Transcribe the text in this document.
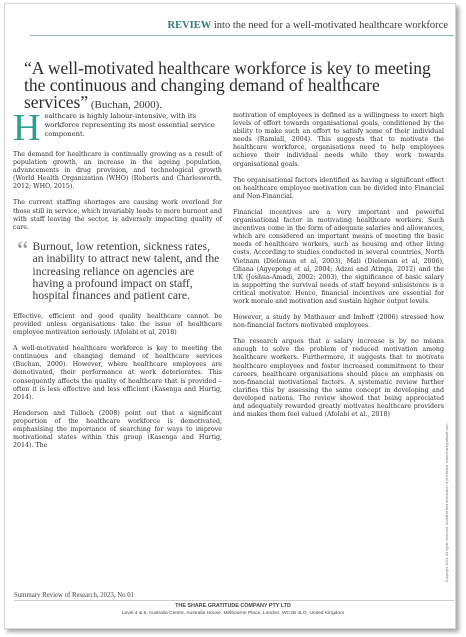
REVIEW into the need for a well-motivated healthcare workforce
“A well-motivated healthcare workforce is key to meeting the continuous and changing demand of healthcare services” (Buchan, 2000).
H ealthcare is highly labour-intensive, with its workforce representing its most essential service component.

The demand for healthcare is continually growing as a result of population growth, an increase in the ageing population, advancements in drug provision, and technological growth (World Health Organization (WHO) (Roberts and Charlesworth, 2012; WHO, 2015).

The current staffing shortages are causing work overload for those still in service, which invariably leads to more burnout and with staff leaving the sector, is adversely impacting quality of care.

“ Burnout, low retention, sickness rates, an inability to attract new talent, and the increasing reliance on agencies are having a profound impact on staff, hospital finances and patient care.

Effective, efficient and good quality healthcare cannot be provided unless organisations take the issue of healthcare employee motivation seriously. (Afolabi et al, 2018)

A well-motivated healthcare workforce is key to meeting the continuous and changing demand of healthcare services (Buchan, 2000). However, where healthcare employees are demotivated, their performance at work deteriorates. This consequently affects the quality of healthcare that is provided – often it is less effective and less efficient (Kasenga and Hurtig, 2014).

Henderson and Tulloch (2008) point out that a significant proportion of the healthcare workforce is demotivated, emphasising the importance of searching for ways to improve motivational states within this group (Kasenga and Hurtig, 2014). The

motivation of employees is defined as a willingness to exert high levels of effort towards organisational goals, conditioned by the ability to make such an effort to satisfy some of their individual needs (Ramlall, 2004). This suggests that to motivate the healthcare workforce, organisations need to help employees achieve their individual needs while they work towards organisational goals.

The organisational factors identified as having a significant effect on healthcare employee motivation can be divided into Financial and Non-Financial.

Financial incentives are a very important and powerful organisational factor in motivating healthcare workers. Such incentives come in the form of adequate salaries and allowances, which are considered an important means of meeting the basic needs of healthcare workers, such as housing and other living costs. According to studies conducted in several countries, North Vietnam (Dieleman et al, 2003), Mali (Dieleman et al, 2006), Ghana (Agyepong et al, 2004; Adzei and Atinga, 2012) and the UK (Joshua-Amadi, 2002; 2003), the significance of basic salary in supporting the survival needs of staff beyond subsistence is a critical motivator. Hence, financial incentives are essential for work morale and motivation and sustain higher output levels.

However, a study by Mathauer and Imhoff (2006) stressed how non-financial factors motivated employees.

The research argues that a salary increase is by no means enough to solve the problem of reduced motivation among healthcare workers. Furthermore, it suggests that to motivate healthcare employees and foster increased commitment to their careers, healthcare organisations should place an emphasis on non-financial motivational factors. A systematic review further clarifies this by assessing the same concept in developing and developed nations. The review showed that being appreciated and adequately rewarded greatly motivates healthcare providers and makes them feel valued (Afolabi et al., 2018)

Copyright 2023. All rights reserved. Unauthorised distribution is prohibited. www.sharegratitude.com
Summary Review of Research, 2023, No 01
THE SHARE GRATITUDE COMPANY PTY LTD
Level 4 & 5, Australia Centre, Australia House, Melbourne Place, London, WC2B 4LG, United Kingdom
